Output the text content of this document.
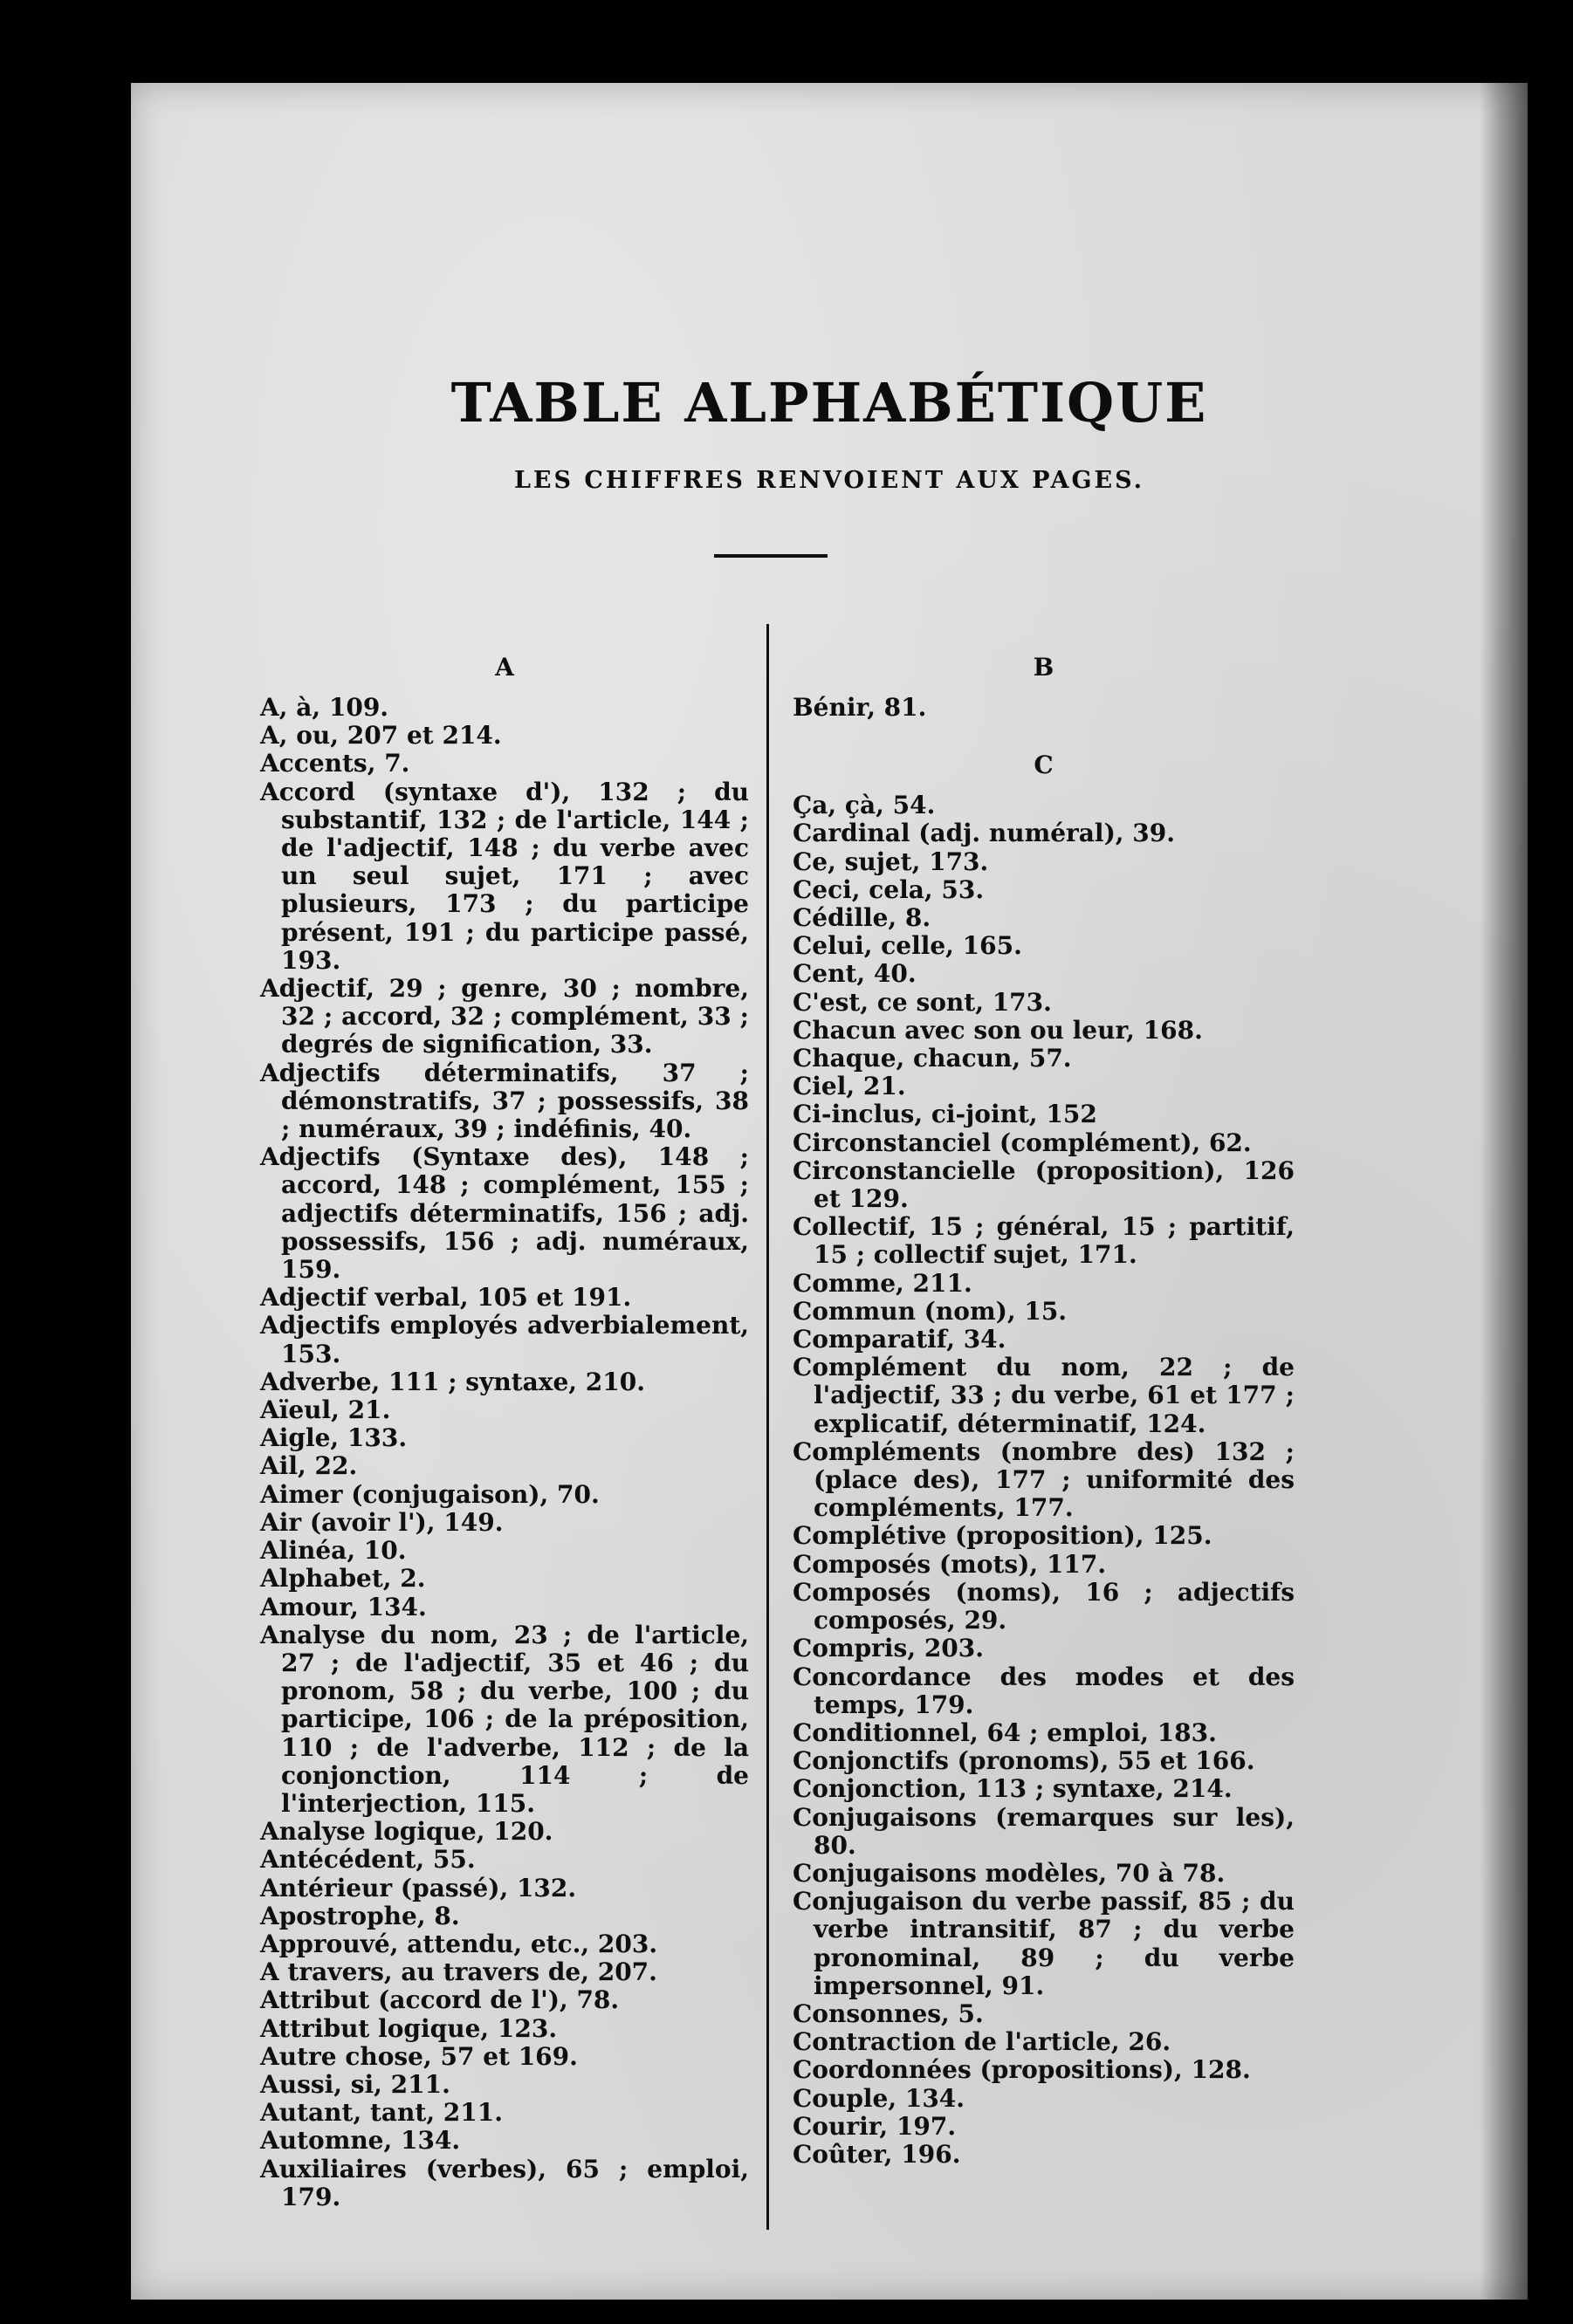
TABLE ALPHABÉTIQUE
LES CHIFFRES RENVOIENT AUX PAGES.
A

A, à, 109.

A, ou, 207 et 214.

Accents, 7.

Accord (syntaxe d'), 132 ; du substantif, 132 ; de l'article, 144 ; de l'adjectif, 148 ; du verbe avec un seul sujet, 171 ; avec plusieurs, 173 ; du participe présent, 191 ; du participe passé, 193.

Adjectif, 29 ; genre, 30 ; nombre, 32 ; accord, 32 ; complément, 33 ; degrés de signification, 33.

Adjectifs déterminatifs, 37 ; démonstratifs, 37 ; possessifs, 38 ; numéraux, 39 ; indéfinis, 40.

Adjectifs (Syntaxe des), 148 ; accord, 148 ; complément, 155 ; adjectifs déterminatifs, 156 ; adj. possessifs, 156 ; adj. numéraux, 159.

Adjectif verbal, 105 et 191.

Adjectifs employés adverbialement, 153.

Adverbe, 111 ; syntaxe, 210.

Aïeul, 21.

Aigle, 133.

Ail, 22.

Aimer (conjugaison), 70.

Air (avoir l'), 149.

Alinéa, 10.

Alphabet, 2.

Amour, 134.

Analyse du nom, 23 ; de l'article, 27 ; de l'adjectif, 35 et 46 ; du pronom, 58 ; du verbe, 100 ; du participe, 106 ; de la préposition, 110 ; de l'adverbe, 112 ; de la conjonction, 114 ; de l'interjection, 115.

Analyse logique, 120.

Antécédent, 55.

Antérieur (passé), 132.

Apostrophe, 8.

Approuvé, attendu, etc., 203.

A travers, au travers de, 207.

Attribut (accord de l'), 78.

Attribut logique, 123.

Autre chose, 57 et 169.

Aussi, si, 211.

Autant, tant, 211.

Automne, 134.

Auxiliaires (verbes), 65 ; emploi, 179.

B

Bénir, 81.

C

Ça, çà, 54.

Cardinal (adj. numéral), 39.

Ce, sujet, 173.

Ceci, cela, 53.

Cédille, 8.

Celui, celle, 165.

Cent, 40.

C'est, ce sont, 173.

Chacun avec son ou leur, 168.

Chaque, chacun, 57.

Ciel, 21.

Ci-inclus, ci-joint, 152

Circonstanciel (complément), 62.

Circonstancielle (proposition), 126 et 129.

Collectif, 15 ; général, 15 ; partitif, 15 ; collectif sujet, 171.

Comme, 211.

Commun (nom), 15.

Comparatif, 34.

Complément du nom, 22 ; de l'adjectif, 33 ; du verbe, 61 et 177 ; explicatif, déterminatif, 124.

Compléments (nombre des) 132 ; (place des), 177 ; uniformité des compléments, 177.

Complétive (proposition), 125.

Composés (mots), 117.

Composés (noms), 16 ; adjectifs composés, 29.

Compris, 203.

Concordance des modes et des temps, 179.

Conditionnel, 64 ; emploi, 183.

Conjonctifs (pronoms), 55 et 166.

Conjonction, 113 ; syntaxe, 214.

Conjugaisons (remarques sur les), 80.

Conjugaisons modèles, 70 à 78.

Conjugaison du verbe passif, 85 ; du verbe intransitif, 87 ; du verbe pronominal, 89 ; du verbe impersonnel, 91.

Consonnes, 5.

Contraction de l'article, 26.

Coordonnées (propositions), 128.

Couple, 134.

Courir, 197.

Coûter, 196.
